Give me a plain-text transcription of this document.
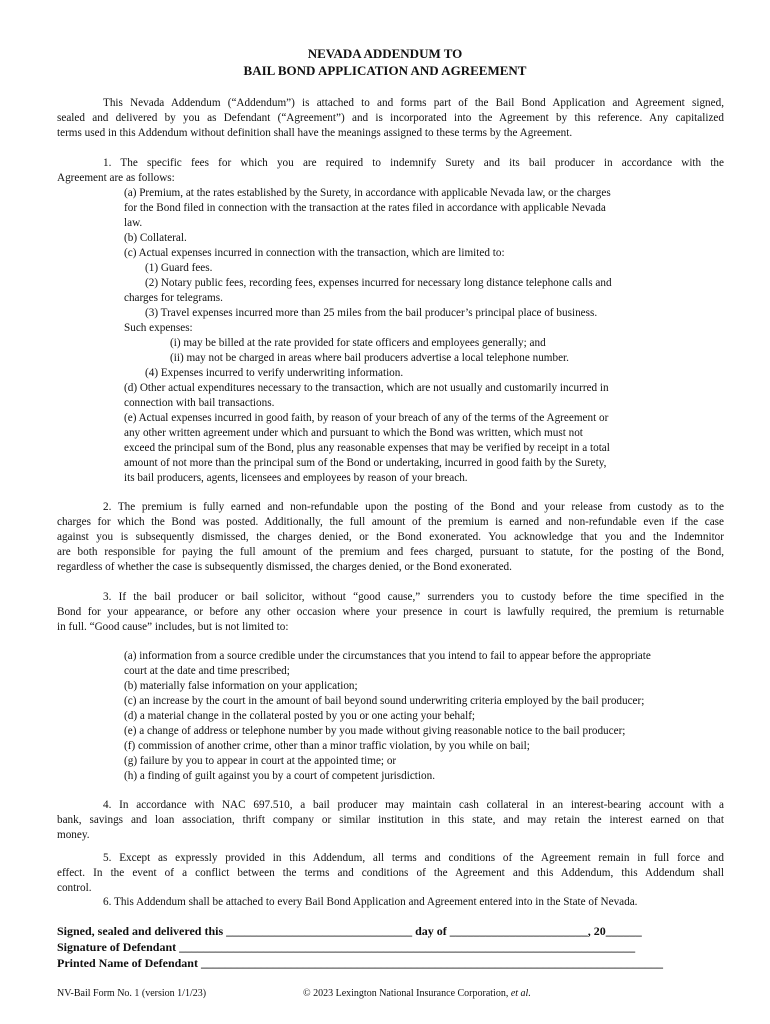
NEVADA ADDENDUM TO
BAIL BOND APPLICATION AND AGREEMENT
This Nevada Addendum (“Addendum”) is attached to and forms part of the Bail Bond Application and Agreement signed,
sealed and delivered by you as Defendant (“Agreement”) and is incorporated into the Agreement by this reference. Any capitalized
terms used in this Addendum without definition shall have the meanings assigned to these terms by the Agreement.
1. The specific fees for which you are required to indemnify Surety and its bail producer in accordance with the
Agreement are as follows:
(a) Premium, at the rates established by the Surety, in accordance with applicable Nevada law, or the charges
for the Bond filed in connection with the transaction at the rates filed in accordance with applicable Nevada
law.
(b) Collateral.
(c) Actual expenses incurred in connection with the transaction, which are limited to:
(1) Guard fees.
(2) Notary public fees, recording fees, expenses incurred for necessary long distance telephone calls and
charges for telegrams.
(3) Travel expenses incurred more than 25 miles from the bail producer’s principal place of business.
Such expenses:
(i) may be billed at the rate provided for state officers and employees generally; and
(ii) may not be charged in areas where bail producers advertise a local telephone number.
(4) Expenses incurred to verify underwriting information.
(d) Other actual expenditures necessary to the transaction, which are not usually and customarily incurred in
connection with bail transactions.
(e) Actual expenses incurred in good faith, by reason of your breach of any of the terms of the Agreement or
any other written agreement under which and pursuant to which the Bond was written, which must not
exceed the principal sum of the Bond, plus any reasonable expenses that may be verified by receipt in a total
amount of not more than the principal sum of the Bond or undertaking, incurred in good faith by the Surety,
its bail producers, agents, licensees and employees by reason of your breach.
2. The premium is fully earned and non-refundable upon the posting of the Bond and your release from custody as to the
charges for which the Bond was posted. Additionally, the full amount of the premium is earned and non-refundable even if the case
against you is subsequently dismissed, the charges denied, or the Bond exonerated. You acknowledge that you and the Indemnitor
are both responsible for paying the full amount of the premium and fees charged, pursuant to statute, for the posting of the Bond,
regardless of whether the case is subsequently dismissed, the charges denied, or the Bond exonerated.
3. If the bail producer or bail solicitor, without “good cause,” surrenders you to custody before the time specified in the
Bond for your appearance, or before any other occasion where your presence in court is lawfully required, the premium is returnable
in full. “Good cause” includes, but is not limited to:
(a) information from a source credible under the circumstances that you intend to fail to appear before the appropriate
court at the date and time prescribed;
(b) materially false information on your application;
(c) an increase by the court in the amount of bail beyond sound underwriting criteria employed by the bail producer;
(d) a material change in the collateral posted by you or one acting your behalf;
(e) a change of address or telephone number by you made without giving reasonable notice to the bail producer;
(f) commission of another crime, other than a minor traffic violation, by you while on bail;
(g) failure by you to appear in court at the appointed time; or
(h) a finding of guilt against you by a court of competent jurisdiction.
4. In accordance with NAC 697.510, a bail producer may maintain cash collateral in an interest-bearing account with a
bank, savings and loan association, thrift company or similar institution in this state, and may retain the interest earned on that
money.
5. Except as expressly provided in this Addendum, all terms and conditions of the Agreement remain in full force and
effect. In the event of a conflict between the terms and conditions of the Agreement and this Addendum, this Addendum shall
control.
6. This Addendum shall be attached to every Bail Bond Application and Agreement entered into in the State of Nevada.
Signed, sealed and delivered this _______________________________ day of _______________________, 20______
Signature of Defendant ____________________________________________________________________________
Printed Name of Defendant _____________________________________________________________________________
NV-Bail Form No. 1 (version 1/1/23)	© 2023 Lexington National Insurance Corporation, et al.
